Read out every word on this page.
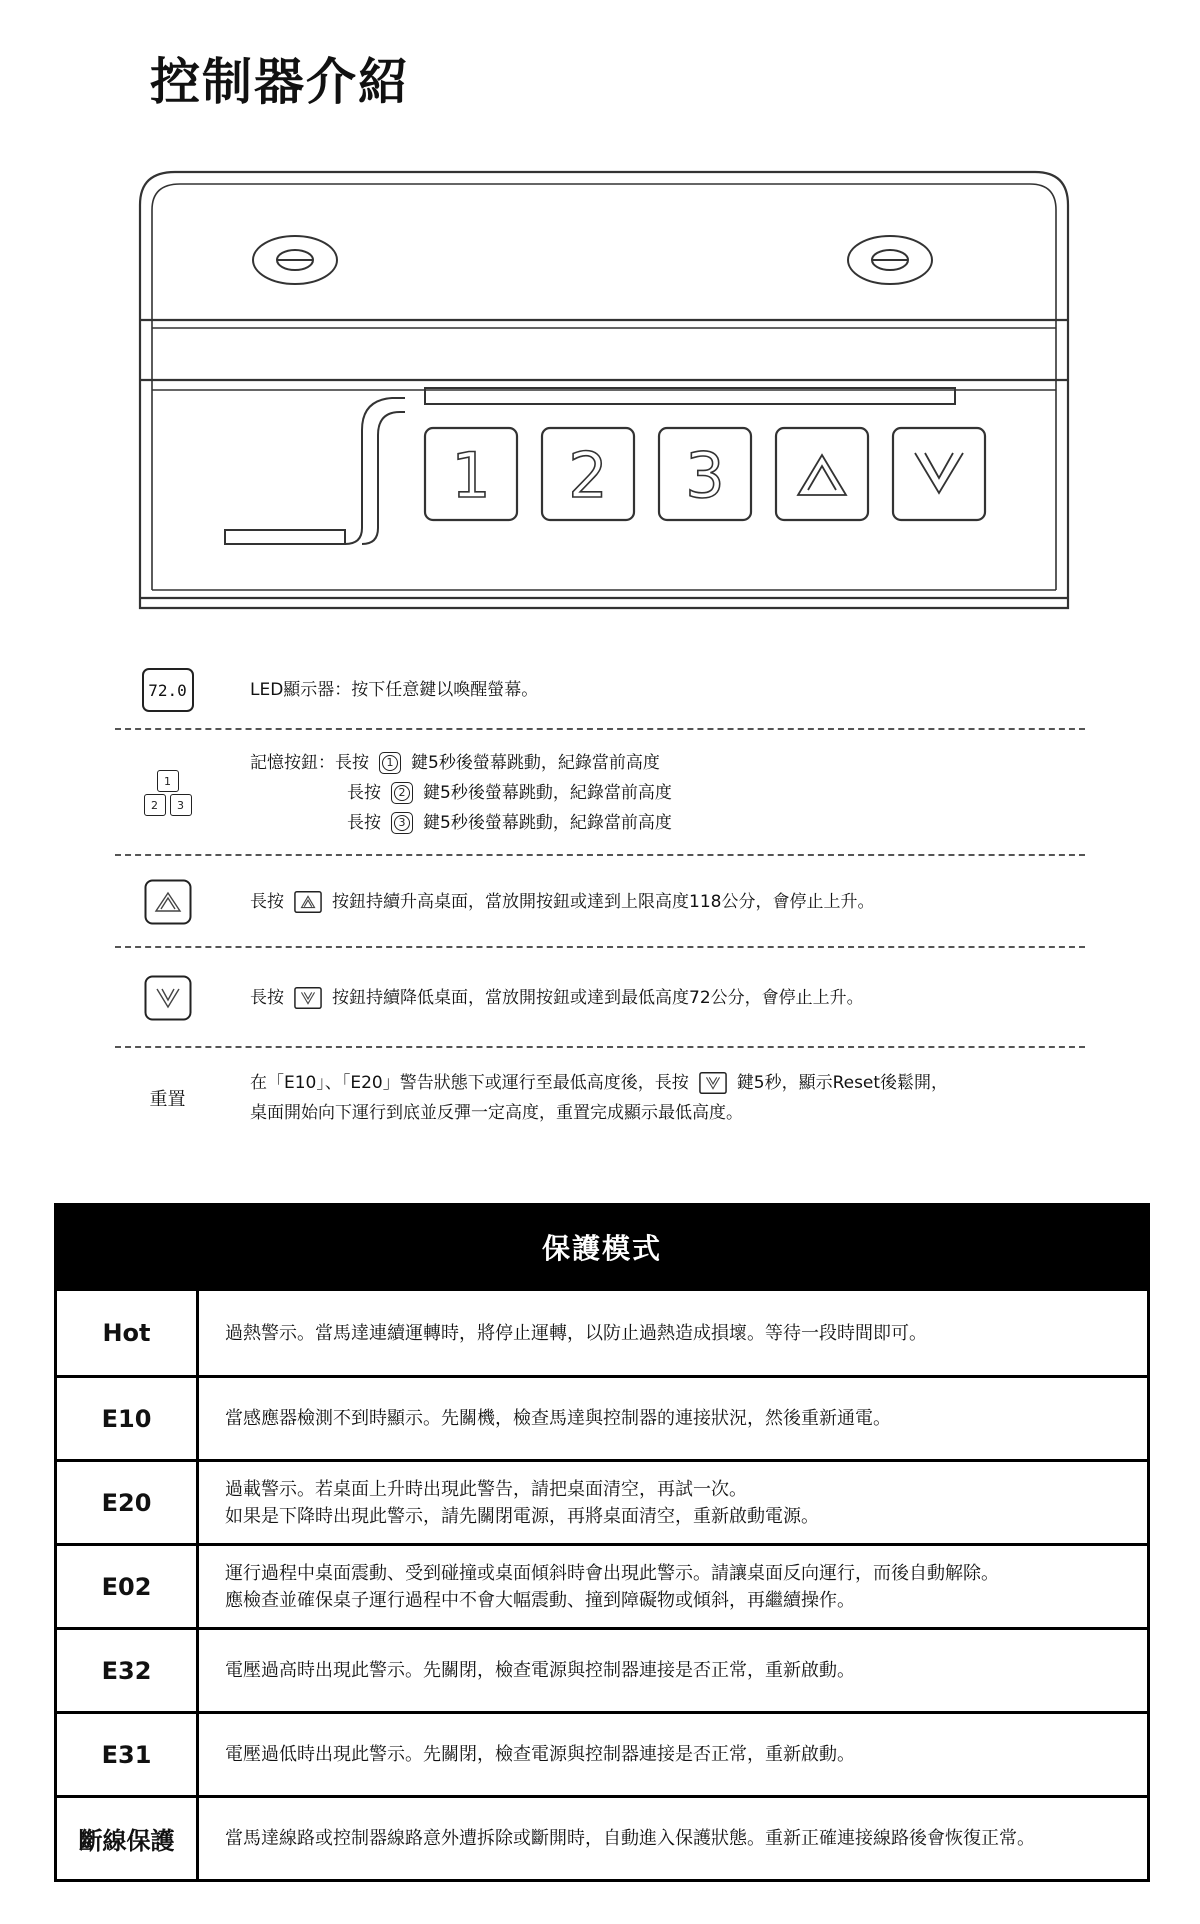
控制器介紹
1 2 3
72.0	LED顯示器：按下任意鍵以喚醒螢幕。
1
2	3
記憶按鈕：長按	1 鍵5秒後螢幕跳動，紀錄當前高度
長按	2 鍵5秒後螢幕跳動，紀錄當前高度
長按	3 鍵5秒後螢幕跳動，紀錄當前高度
長按	按鈕持續升高桌面，當放開按鈕或達到上限高度118公分，會停止上升。
長按	按鈕持續降低桌面，當放開按鈕或達到最低高度72公分，會停止上升。
重置
在「E10」、「E20」警告狀態下或運行至最低高度後，長按	鍵5秒，顯示Reset後鬆開，
桌面開始向下運行到底並反彈一定高度，重置完成顯示最低高度。
保護模式
Hot	過熱警示。當馬達連續運轉時，將停止運轉，以防止過熱造成損壞。等待一段時間即可。
E10	當感應器檢測不到時顯示。先關機，檢查馬達與控制器的連接狀況，然後重新通電。
E20	過載警示。若桌面上升時出現此警告，請把桌面清空，再試一次。
如果是下降時出現此警示，請先關閉電源，再將桌面清空，重新啟動電源。
E02	運行過程中桌面震動、受到碰撞或桌面傾斜時會出現此警示。請讓桌面反向運行，而後自動解除。
應檢查並確保桌子運行過程中不會大幅震動、撞到障礙物或傾斜，再繼續操作。
E32	電壓過高時出現此警示。先關閉，檢查電源與控制器連接是否正常，重新啟動。
E31	電壓過低時出現此警示。先關閉，檢查電源與控制器連接是否正常，重新啟動。
斷線保護	當馬達線路或控制器線路意外遭拆除或斷開時，自動進入保護狀態。重新正確連接線路後會恢復正常。
